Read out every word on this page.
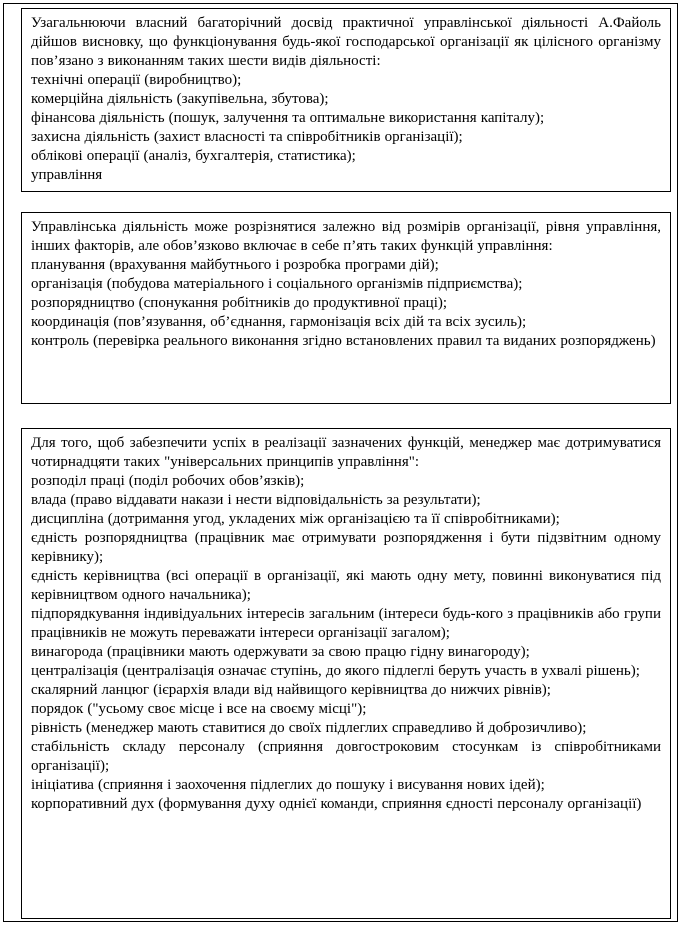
Узагальнюючи власний багаторічний досвід практичної управлінської діяльності А.Файоль дійшов висновку, що функціонування будь-якої господарської організації як цілісного організму пов’язано з виконанням таких шести видів діяльності:
технічні операції (виробництво);
комерційна діяльність (закупівельна, збутова);
фінансова діяльність (пошук, залучення та оптимальне використання капіталу);
захисна діяльність (захист власності та співробітників організації);
облікові операції (аналіз, бухгалтерія, статистика);
управління
Управлінська діяльність може розрізнятися залежно від розмірів організації, рівня управління, інших факторів, але обов’язково включає в себе п’ять таких функцій управління:
планування (врахування майбутнього і розробка програми дій);
організація (побудова матеріального і соціального організмів підприємства);
розпорядництво (спонукання робітників до продуктивної праці);
координація (пов’язування, об’єднання, гармонізація всіх дій та всіх зусиль);
контроль (перевірка реального виконання згідно встановлених правил та виданих розпоряджень)
Для того, щоб забезпечити успіх в реалізації зазначених функцій, менеджер має дотримуватися чотирнадцяти таких "універсальних принципів управління":
розподіл праці (поділ робочих обов’язків);
влада (право віддавати накази і нести відповідальність за результати);
дисципліна (дотримання угод, укладених між організацією та її співробітниками);
єдність розпорядництва (працівник має отримувати розпорядження і бути підзвітним одному керівнику);
єдність керівництва (всі операції в організації, які мають одну мету, повинні виконуватися під керівництвом одного начальника);
підпорядкування індивідуальних інтересів загальним (інтереси будь-кого з працівників або групи працівників не можуть переважати інтереси організації загалом);
винагорода (працівники мають одержувати за свою працю гідну винагороду);
централізація (централізація означає ступінь, до якого підлеглі беруть участь в ухвалі рішень);
скалярний ланцюг (ієрархія влади від найвищого керівництва до нижчих рівнів);
порядок ("усьому своє місце і все на своєму місці");
рівність (менеджер мають ставитися до своїх підлеглих справедливо й доброзичливо);
стабільність складу персоналу (сприяння довгостроковим стосункам із співробітниками організації);
ініціатива (сприяння і заохочення підлеглих до пошуку і висування нових ідей);
корпоративний дух (формування духу однієї команди, сприяння єдності персоналу організації)
